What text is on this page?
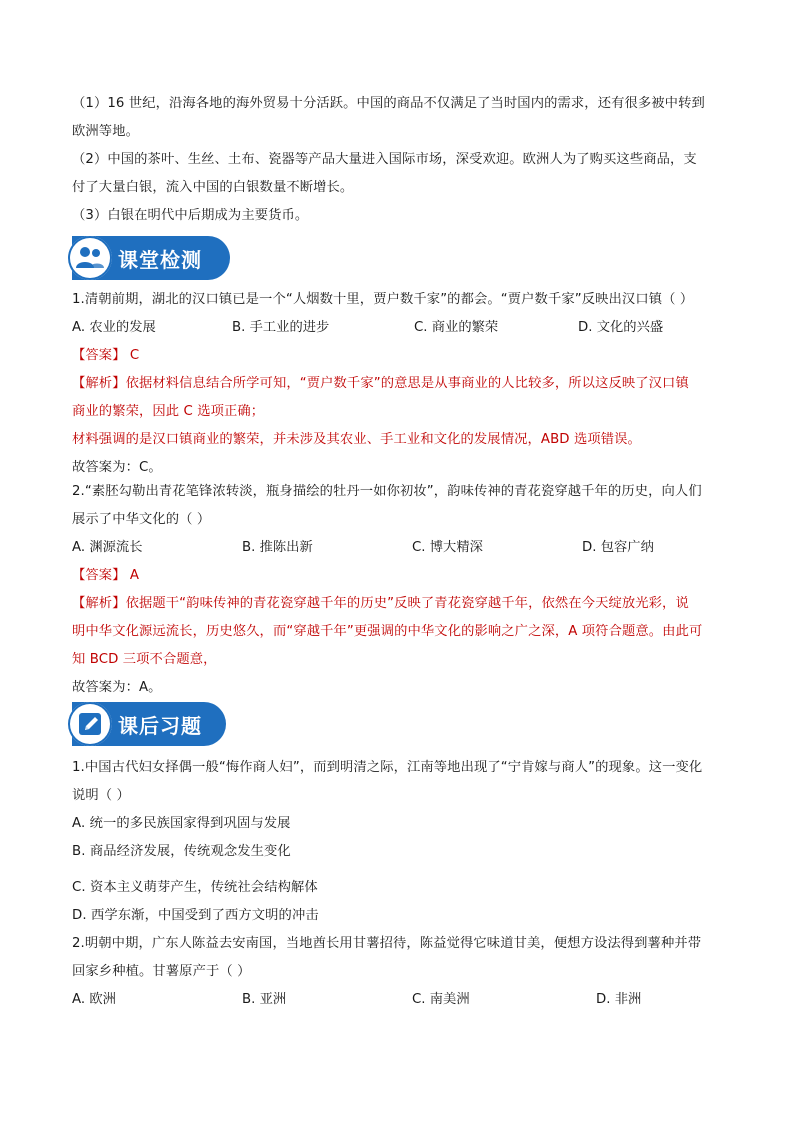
（1）16 世纪，沿海各地的海外贸易十分活跃。中国的商品不仅满足了当时国内的需求，还有很多被中转到
欧洲等地。
（2）中国的茶叶、生丝、土布、瓷器等产品大量进入国际市场，深受欢迎。欧洲人为了购买这些商品，支
付了大量白银，流入中国的白银数量不断增长。
（3）白银在明代中后期成为主要货币。
课堂检测
1.清朝前期，湖北的汉口镇已是一个“人烟数十里，贾户数千家”的都会。“贾户数千家”反映出汉口镇（ ）
A. 农业的发展	B. 手工业的进步	C. 商业的繁荣	D. 文化的兴盛
【答案】 C
【解析】依据材料信息结合所学可知，“贾户数千家”的意思是从事商业的人比较多，所以这反映了汉口镇
商业的繁荣，因此 C 选项正确；
材料强调的是汉口镇商业的繁荣，并未涉及其农业、手工业和文化的发展情况，ABD 选项错误。
故答案为：C。
2.“素胚勾勒出青花笔锋浓转淡，瓶身描绘的牡丹一如你初妆”，韵味传神的青花瓷穿越千年的历史，向人们
展示了中华文化的（ ）
A. 渊源流长	B. 推陈出新	C. 博大精深	D. 包容广纳
【答案】 A
【解析】依据题干“韵味传神的青花瓷穿越千年的历史”反映了青花瓷穿越千年，依然在今天绽放光彩，说
明中华文化源远流长，历史悠久，而“穿越千年”更强调的中华文化的影响之广之深，A 项符合题意。由此可
知 BCD 三项不合题意，
故答案为：A。
课后习题
1.中国古代妇女择偶一般“悔作商人妇”，而到明清之际，江南等地出现了“宁肯嫁与商人”的现象。这一变化
说明（ ）
A. 统一的多民族国家得到巩固与发展
B. 商品经济发展，传统观念发生变化
C. 资本主义萌芽产生，传统社会结构解体
D. 西学东渐，中国受到了西方文明的冲击
2.明朝中期，广东人陈益去安南国，当地酋长用甘薯招待，陈益觉得它味道甘美，便想方设法得到薯种并带
回家乡种植。甘薯原产于（ ）
A. 欧洲	B. 亚洲	C. 南美洲	D. 非洲
